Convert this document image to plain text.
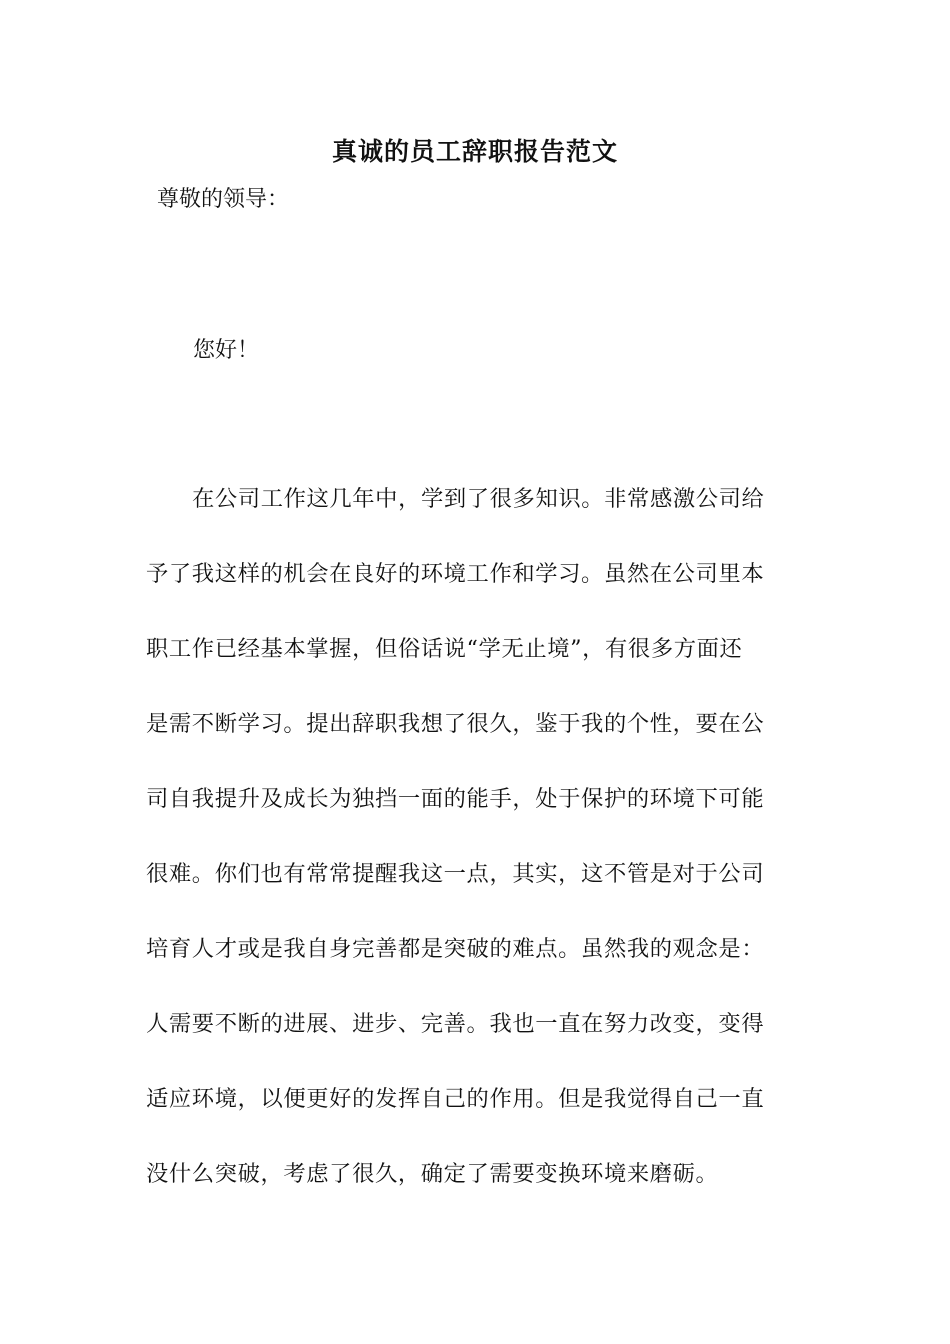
真诚的员工辞职报告范文
尊敬的领导：
您好！
在公司工作这几年中，学到了很多知识。非常感激公司给
予了我这样的机会在良好的环境工作和学习。虽然在公司里本
职工作已经基本掌握，但俗话说“学无止境”，有很多方面还
是需不断学习。提出辞职我想了很久，鉴于我的个性，要在公
司自我提升及成长为独挡一面的能手，处于保护的环境下可能
很难。你们也有常常提醒我这一点，其实，这不管是对于公司
培育人才或是我自身完善都是突破的难点。虽然我的观念是：
人需要不断的进展、进步、完善。我也一直在努力改变，变得
适应环境，以便更好的发挥自己的作用。但是我觉得自己一直
没什么突破，考虑了很久，确定了需要变换环境来磨砺。
